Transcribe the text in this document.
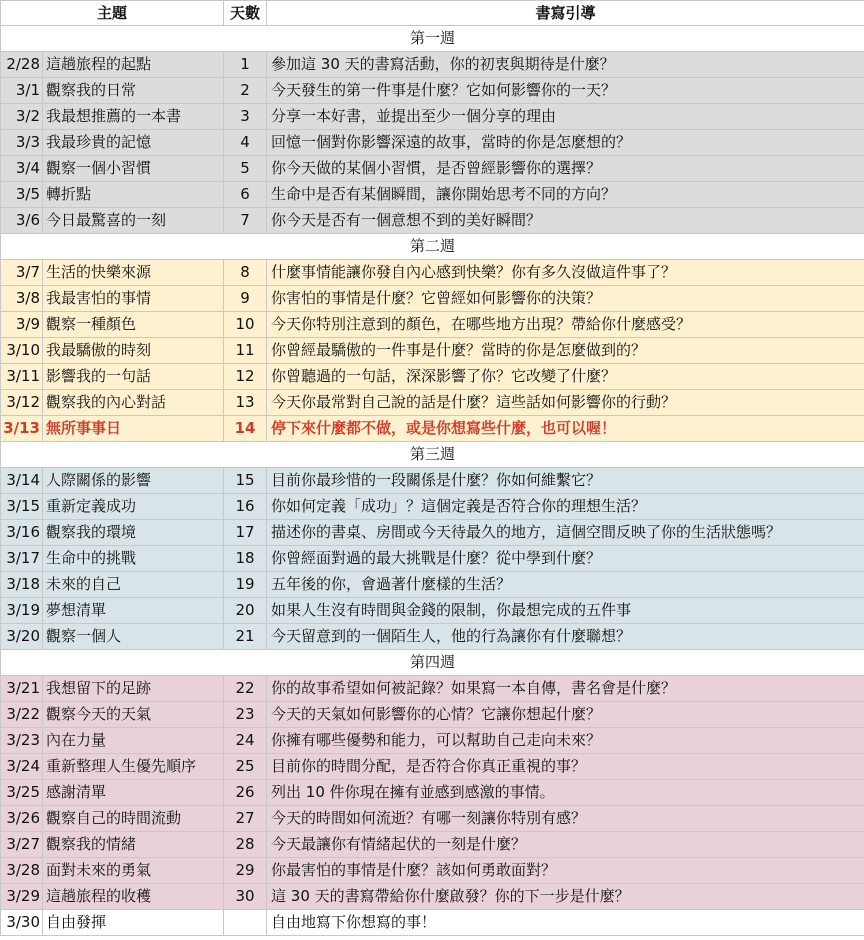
主題		天數	書寫引導
第一週			
2/28	這趟旅程的起點	1	參加這 30 天的書寫活動，你的初衷與期待是什麼？
3/1	觀察我的日常	2	今天發生的第一件事是什麼？它如何影響你的一天？
3/2	我最想推薦的一本書	3	分享一本好書，並提出至少一個分享的理由
3/3	我最珍貴的記憶	4	回憶一個對你影響深遠的故事，當時的你是怎麼想的？
3/4	觀察一個小習慣	5	你今天做的某個小習慣，是否曾經影響你的選擇？
3/5	轉折點	6	生命中是否有某個瞬間，讓你開始思考不同的方向？
3/6	今日最驚喜的一刻	7	你今天是否有一個意想不到的美好瞬間？
第二週			
3/7	生活的快樂來源	8	什麼事情能讓你發自內心感到快樂？你有多久沒做這件事了？
3/8	我最害怕的事情	9	你害怕的事情是什麼？它曾經如何影響你的決策？
3/9	觀察一種顏色	10	今天你特別注意到的顏色，在哪些地方出現？帶給你什麼感受？
3/10	我最驕傲的時刻	11	你曾經最驕傲的一件事是什麼？當時的你是怎麼做到的？
3/11	影響我的一句話	12	你曾聽過的一句話，深深影響了你？它改變了什麼？
3/12	觀察我的內心對話	13	今天你最常對自己說的話是什麼？這些話如何影響你的行動？
3/13	無所事事日	14	停下來什麼都不做，或是你想寫些什麼，也可以喔！
第三週			
3/14	人際關係的影響	15	目前你最珍惜的一段關係是什麼？你如何維繫它？
3/15	重新定義成功	16	你如何定義「成功」？這個定義是否符合你的理想生活？
3/16	觀察我的環境	17	描述你的書桌、房間或今天待最久的地方，這個空間反映了你的生活狀態嗎？
3/17	生命中的挑戰	18	你曾經面對過的最大挑戰是什麼？從中學到什麼？
3/18	未來的自己	19	五年後的你，會過著什麼樣的生活？
3/19	夢想清單	20	如果人生沒有時間與金錢的限制，你最想完成的五件事
3/20	觀察一個人	21	今天留意到的一個陌生人，他的行為讓你有什麼聯想？
第四週			
3/21	我想留下的足跡	22	你的故事希望如何被記錄？如果寫一本自傳，書名會是什麼？
3/22	觀察今天的天氣	23	今天的天氣如何影響你的心情？它讓你想起什麼？
3/23	內在力量	24	你擁有哪些優勢和能力，可以幫助自己走向未來？
3/24	重新整理人生優先順序	25	目前你的時間分配，是否符合你真正重視的事？
3/25	感謝清單	26	列出 10 件你現在擁有並感到感激的事情。
3/26	觀察自己的時間流動	27	今天的時間如何流逝？有哪一刻讓你特別有感？
3/27	觀察我的情緒	28	今天最讓你有情緒起伏的一刻是什麼？
3/28	面對未來的勇氣	29	你最害怕的事情是什麼？該如何勇敢面對？
3/29	這趟旅程的收穫	30	這 30 天的書寫帶給你什麼啟發？你的下一步是什麼？
3/30	自由發揮		自由地寫下你想寫的事！
